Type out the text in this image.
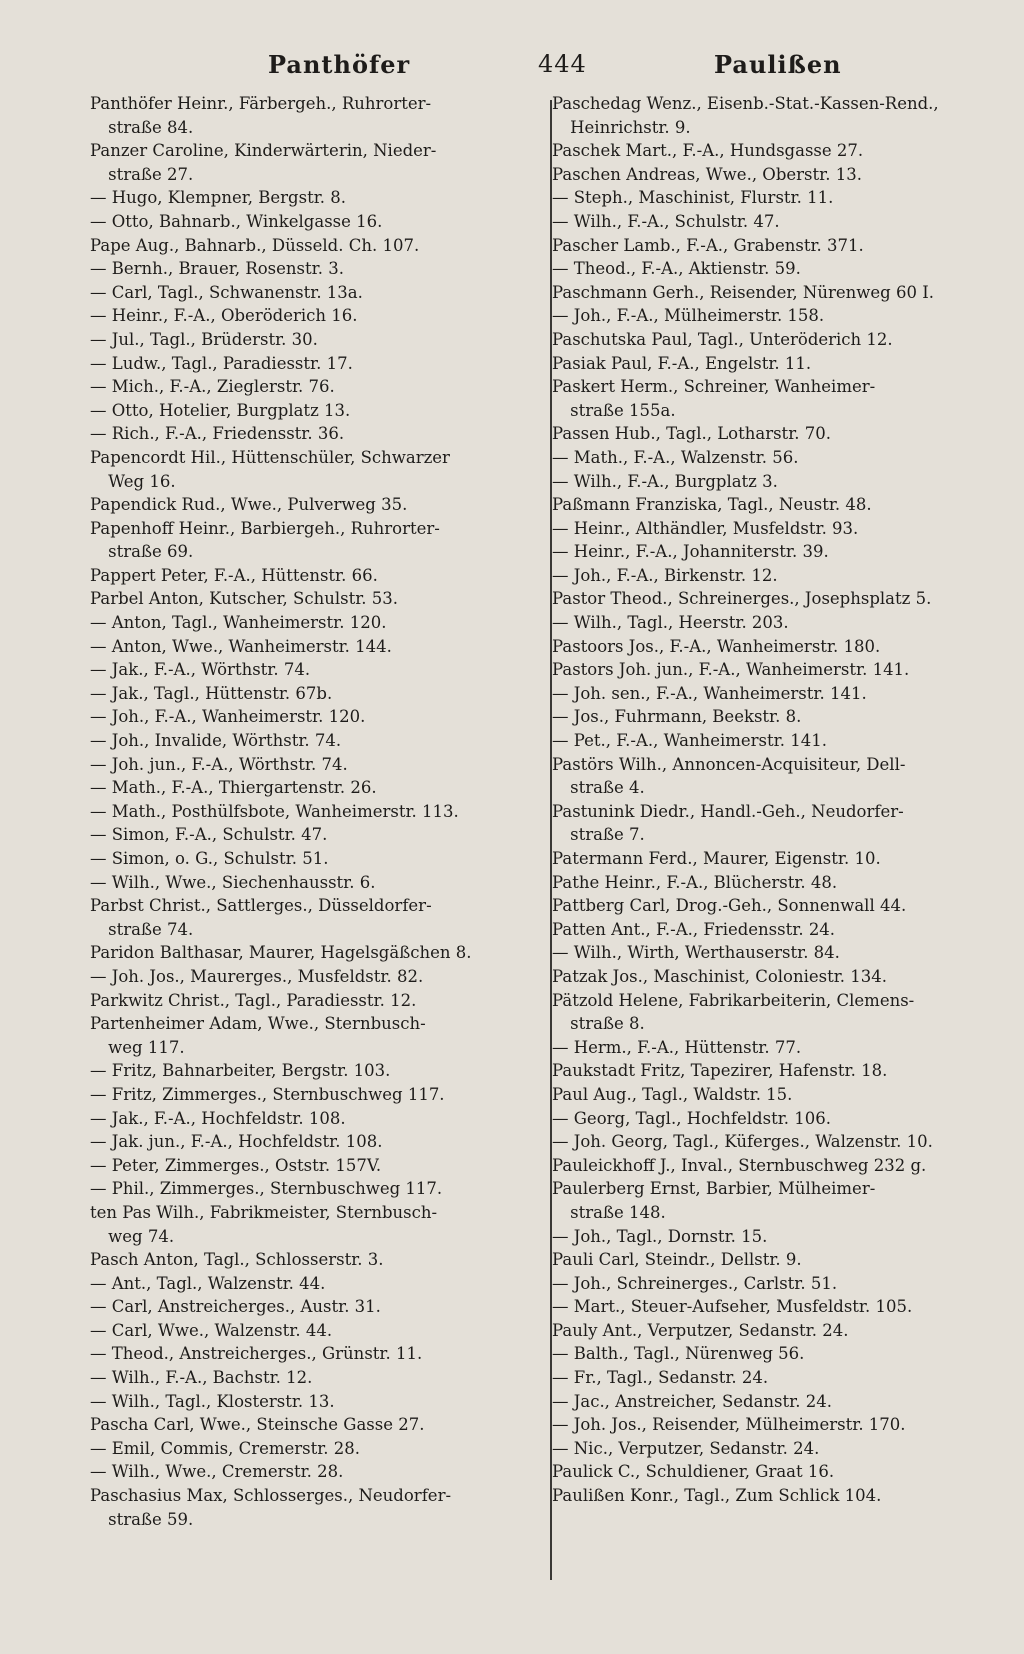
Panthöfer	444	Paulißen
Panthöfer Heinr., Färbergeh., Ruhrorter-
straße 84.
Panzer Caroline, Kinderwärterin, Nieder-
straße 27.
— Hugo, Klempner, Bergstr. 8.
— Otto, Bahnarb., Winkelgasse 16.
Pape Aug., Bahnarb., Düsseld. Ch. 107.
— Bernh., Brauer, Rosenstr. 3.
— Carl, Tagl., Schwanenstr. 13a.
— Heinr., F.-A., Oberöderich 16.
— Jul., Tagl., Brüderstr. 30.
— Ludw., Tagl., Paradiesstr. 17.
— Mich., F.-A., Zieglerstr. 76.
— Otto, Hotelier, Burgplatz 13.
— Rich., F.-A., Friedensstr. 36.
Papencordt Hil., Hüttenschüler, Schwarzer
Weg 16.
Papendick Rud., Wwe., Pulverweg 35.
Papenhoff Heinr., Barbiergeh., Ruhrorter-
straße 69.
Pappert Peter, F.-A., Hüttenstr. 66.
Parbel Anton, Kutscher, Schulstr. 53.
— Anton, Tagl., Wanheimerstr. 120.
— Anton, Wwe., Wanheimerstr. 144.
— Jak., F.-A., Wörthstr. 74.
— Jak., Tagl., Hüttenstr. 67b.
— Joh., F.-A., Wanheimerstr. 120.
— Joh., Invalide, Wörthstr. 74.
— Joh. jun., F.-A., Wörthstr. 74.
— Math., F.-A., Thiergartenstr. 26.
— Math., Posthülfsbote, Wanheimerstr. 113.
— Simon, F.-A., Schulstr. 47.
— Simon, o. G., Schulstr. 51.
— Wilh., Wwe., Siechenhausstr. 6.
Parbst Christ., Sattlerges., Düsseldorfer-
straße 74.
Paridon Balthasar, Maurer, Hagelsgäßchen 8.
— Joh. Jos., Maurerges., Musfeldstr. 82.
Parkwitz Christ., Tagl., Paradiesstr. 12.
Partenheimer Adam, Wwe., Sternbusch-
weg 117.
— Fritz, Bahnarbeiter, Bergstr. 103.
— Fritz, Zimmerges., Sternbuschweg 117.
— Jak., F.-A., Hochfeldstr. 108.
— Jak. jun., F.-A., Hochfeldstr. 108.
— Peter, Zimmerges., Oststr. 157V.
— Phil., Zimmerges., Sternbuschweg 117.
ten Pas Wilh., Fabrikmeister, Sternbusch-
weg 74.
Pasch Anton, Tagl., Schlosserstr. 3.
— Ant., Tagl., Walzenstr. 44.
— Carl, Anstreicherges., Austr. 31.
— Carl, Wwe., Walzenstr. 44.
— Theod., Anstreicherges., Grünstr. 11.
— Wilh., F.-A., Bachstr. 12.
— Wilh., Tagl., Klosterstr. 13.
Pascha Carl, Wwe., Steinsche Gasse 27.
— Emil, Commis, Cremerstr. 28.
— Wilh., Wwe., Cremerstr. 28.
Paschasius Max, Schlosserges., Neudorfer-
straße 59.
Paschedag Wenz., Eisenb.-Stat.-Kassen-Rend.,
Heinrichstr. 9.
Paschek Mart., F.-A., Hundsgasse 27.
Paschen Andreas, Wwe., Oberstr. 13.
— Steph., Maschinist, Flurstr. 11.
— Wilh., F.-A., Schulstr. 47.
Pascher Lamb., F.-A., Grabenstr. 371.
— Theod., F.-A., Aktienstr. 59.
Paschmann Gerh., Reisender, Nürenweg 60 I.
— Joh., F.-A., Mülheimerstr. 158.
Paschutska Paul, Tagl., Unteröderich 12.
Pasiak Paul, F.-A., Engelstr. 11.
Paskert Herm., Schreiner, Wanheimer-
straße 155a.
Passen Hub., Tagl., Lotharstr. 70.
— Math., F.-A., Walzenstr. 56.
— Wilh., F.-A., Burgplatz 3.
Paßmann Franziska, Tagl., Neustr. 48.
— Heinr., Althändler, Musfeldstr. 93.
— Heinr., F.-A., Johanniterstr. 39.
— Joh., F.-A., Birkenstr. 12.
Pastor Theod., Schreinerges., Josephsplatz 5.
— Wilh., Tagl., Heerstr. 203.
Pastoors Jos., F.-A., Wanheimerstr. 180.
Pastors Joh. jun., F.-A., Wanheimerstr. 141.
— Joh. sen., F.-A., Wanheimerstr. 141.
— Jos., Fuhrmann, Beekstr. 8.
— Pet., F.-A., Wanheimerstr. 141.
Pastörs Wilh., Annoncen-Acquisiteur, Dell-
straße 4.
Pastunink Diedr., Handl.-Geh., Neudorfer-
straße 7.
Patermann Ferd., Maurer, Eigenstr. 10.
Pathe Heinr., F.-A., Blücherstr. 48.
Pattberg Carl, Drog.-Geh., Sonnenwall 44.
Patten Ant., F.-A., Friedensstr. 24.
— Wilh., Wirth, Werthauserstr. 84.
Patzak Jos., Maschinist, Coloniestr. 134.
Pätzold Helene, Fabrikarbeiterin, Clemens-
straße 8.
— Herm., F.-A., Hüttenstr. 77.
Paukstadt Fritz, Tapezirer, Hafenstr. 18.
Paul Aug., Tagl., Waldstr. 15.
— Georg, Tagl., Hochfeldstr. 106.
— Joh. Georg, Tagl., Küferges., Walzenstr. 10.
Pauleickhoff J., Inval., Sternbuschweg 232 g.
Paulerberg Ernst, Barbier, Mülheimer-
straße 148.
— Joh., Tagl., Dornstr. 15.
Pauli Carl, Steindr., Dellstr. 9.
— Joh., Schreinerges., Carlstr. 51.
— Mart., Steuer-Aufseher, Musfeldstr. 105.
Pauly Ant., Verputzer, Sedanstr. 24.
— Balth., Tagl., Nürenweg 56.
— Fr., Tagl., Sedanstr. 24.
— Jac., Anstreicher, Sedanstr. 24.
— Joh. Jos., Reisender, Mülheimerstr. 170.
— Nic., Verputzer, Sedanstr. 24.
Paulick C., Schuldiener, Graat 16.
Paulißen Konr., Tagl., Zum Schlick 104.
